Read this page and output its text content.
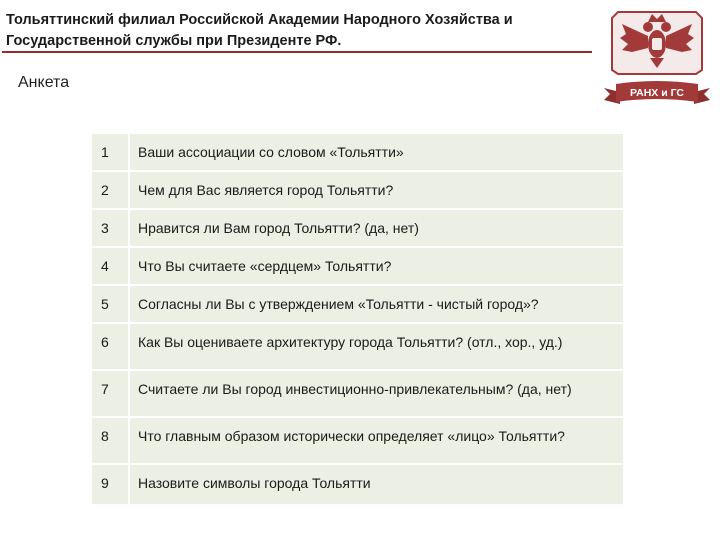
Тольяттинский филиал Российской Академии Народного Хозяйства и Государственной службы при Президенте РФ.
РАНХ и ГС
Анкета
1	Ваши ассоциации со словом «Тольятти»
2	Чем для Вас является город Тольятти?
3	Нравится ли Вам город Тольятти? (да, нет)
4	Что Вы считаете «сердцем» Тольятти?
5	Согласны ли Вы с утверждением «Тольятти - чистый город»?
6	Как Вы оцениваете архитектуру города Тольятти? (отл., хор., уд.)
7	Считаете ли Вы город инвестиционно-привлекательным? (да, нет)
8	Что главным образом исторически определяет «лицо» Тольятти?
9	Назовите символы города Тольятти
